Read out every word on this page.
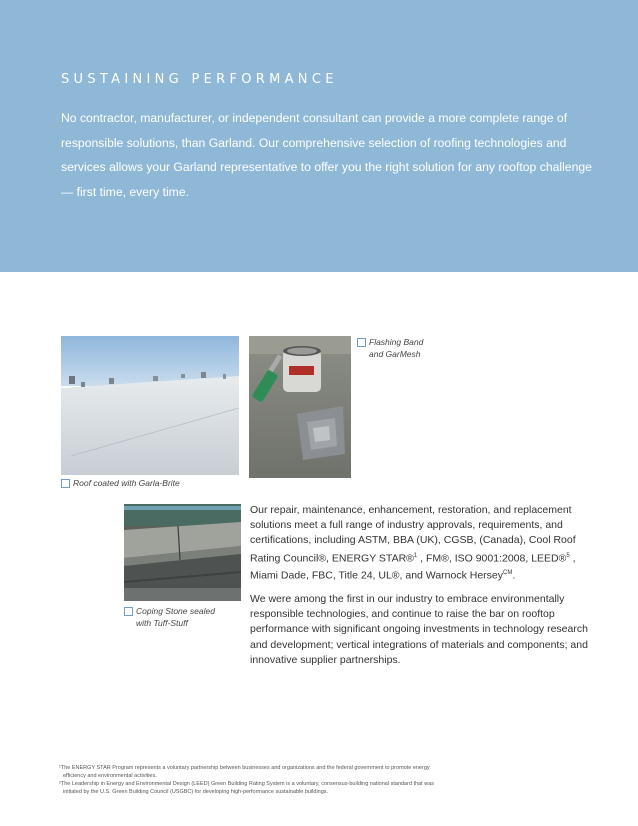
SUSTAINING PERFORMANCE
No contractor, manufacturer, or independent consultant can provide a more complete range of responsible solutions, than Garland. Our comprehensive selection of roofing technologies and services allows your Garland representative to offer you the right solution for any rooftop challenge — first time, every time.
Flashing Band
and GarMesh
Roof coated with Garla-Brite
Coping Stone sealed
with Tuff-Stuff

Our repair, maintenance, enhancement, restoration, and replacement solutions meet a full range of industry approvals, requirements, and certifications, including ASTM, BBA (UK), CGSB, (Canada), Cool Roof Rating Council®, ENERGY STAR®$^1$ , FM®, ISO 9001:2008, LEED®$^5$ , Miami Dade, FBC, Title 24, UL®, and Warnock Hersey$^{CM}$.

We were among the first in our industry to embrace environmentally responsible technologies, and continue to raise the bar on rooftop performance with significant ongoing investments in technology research and development; vertical integrations of materials and components; and innovative supplier partnerships.

¹The ENERGY STAR Program represents a voluntary partnership between businesses and organizations and the federal government to promote energy

efficiency and environmental activities.

²The Leadership in Energy and Environmental Design (LEED) Green Building Rating System is a voluntary, consensus-building national standard that was

initiated by the U.S. Green Building Council (USGBC) for developing high-performance sustainable buildings.
